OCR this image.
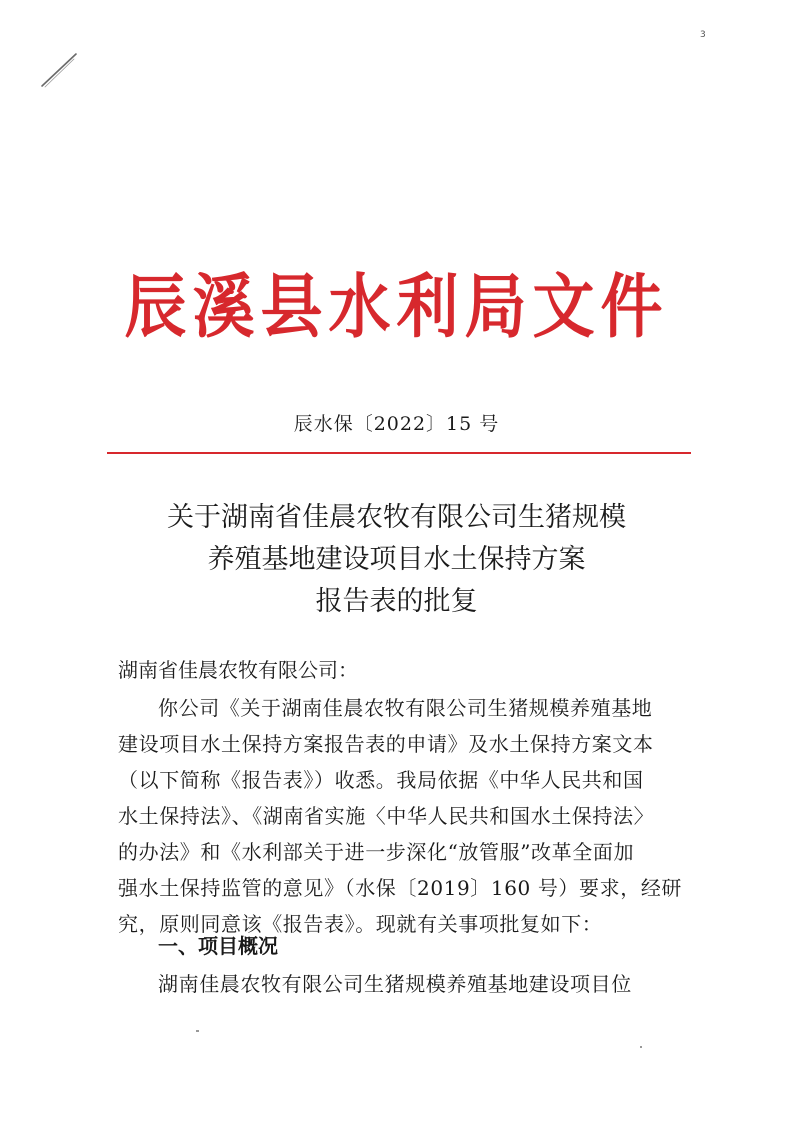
3
辰溪县水利局文件
辰水保〔2022〕15 号
关于湖南省佳晨农牧有限公司生猪规模
养殖基地建设项目水土保持方案
报告表的批复
湖南省佳晨农牧有限公司：
你公司《关于湖南佳晨农牧有限公司生猪规模养殖基地
建设项目水土保持方案报告表的申请》及水土保持方案文本
（以下简称《报告表》）收悉。我局依据《中华人民共和国
水土保持法》、《湖南省实施〈中华人民共和国水土保持法〉
的办法》和《水利部关于进一步深化“放管服”改革全面加
强水土保持监管的意见》（水保〔2019〕160 号）要求，经研
究，原则同意该《报告表》。现就有关事项批复如下：
一、项目概况
湖南佳晨农牧有限公司生猪规模养殖基地建设项目位
